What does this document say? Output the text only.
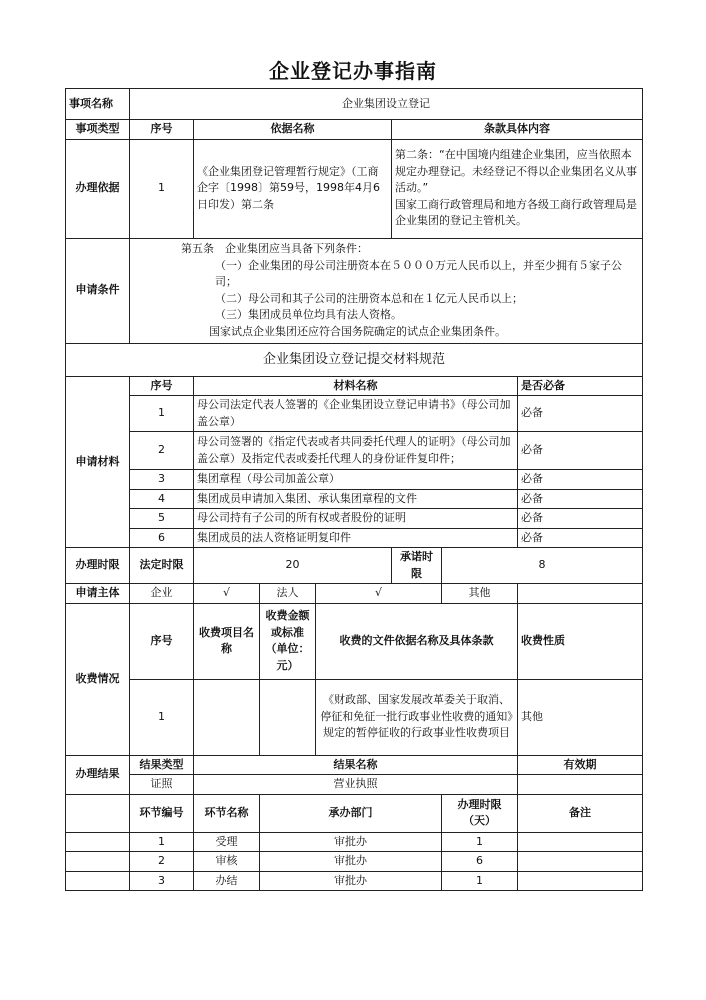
企业登记办事指南
事项名称	企业集团设立登记						
事项类型	序号	依据名称			条款具体内容		
办理依据	1	《企业集团登记管理暂行规定》（工商企字〔1998〕第59号，1998年4月6日印发）第二条			第二条：“在中国境内组建企业集团，应当依照本规定办理登记。未经登记不得以企业集团名义从事活动。”
国家工商行政管理局和地方各级工商行政管理局是企业集团的登记主管机关。		
申请条件	第五条　企业集团应当具备下列条件：

（一）企业集团的母公司注册资本在５０００万元人民币以上，并至少拥有５家子公司；

（二）母公司和其子公司的注册资本总和在１亿元人民币以上；

（三）集团成员单位均具有法人资格。

国家试点企业集团还应符合国务院确定的试点企业集团条件。						

企业集团设立登记提交材料规范							
申请材料	序号	材料名称					是否必备
	1	母公司法定代表人签署的《企业集团设立登记申请书》（母公司加盖公章）					必备
	2	母公司签署的《指定代表或者共同委托代理人的证明》（母公司加盖公章）及指定代表或委托代理人的身份证件复印件；					必备
	3	集团章程（母公司加盖公章）					必备
	4	集团成员申请加入集团、承认集团章程的文件					必备
	5	母公司持有子公司的所有权或者股份的证明					必备
	6	集团成员的法人资格证明复印件					必备
办理时限	法定时限	20			承诺时限	8	
申请主体	企业	√	法人	√		其他	
收费情况	序号	收费项目名称	收费金额或标准（单位：元）	收费的文件依据名称及具体条款			收费性质
	1			《财政部、国家发展改革委关于取消、停征和免征一批行政事业性收费的通知》规定的暂停征收的行政事业性收费项目			其他
办理结果	结果类型	结果名称					有效期
	证照	营业执照					
	环节编号	环节名称	承办部门			办理时限（天）	备注
	1	受理	审批办			1	
	2	审核	审批办			6	
	3	办结	审批办			1	
